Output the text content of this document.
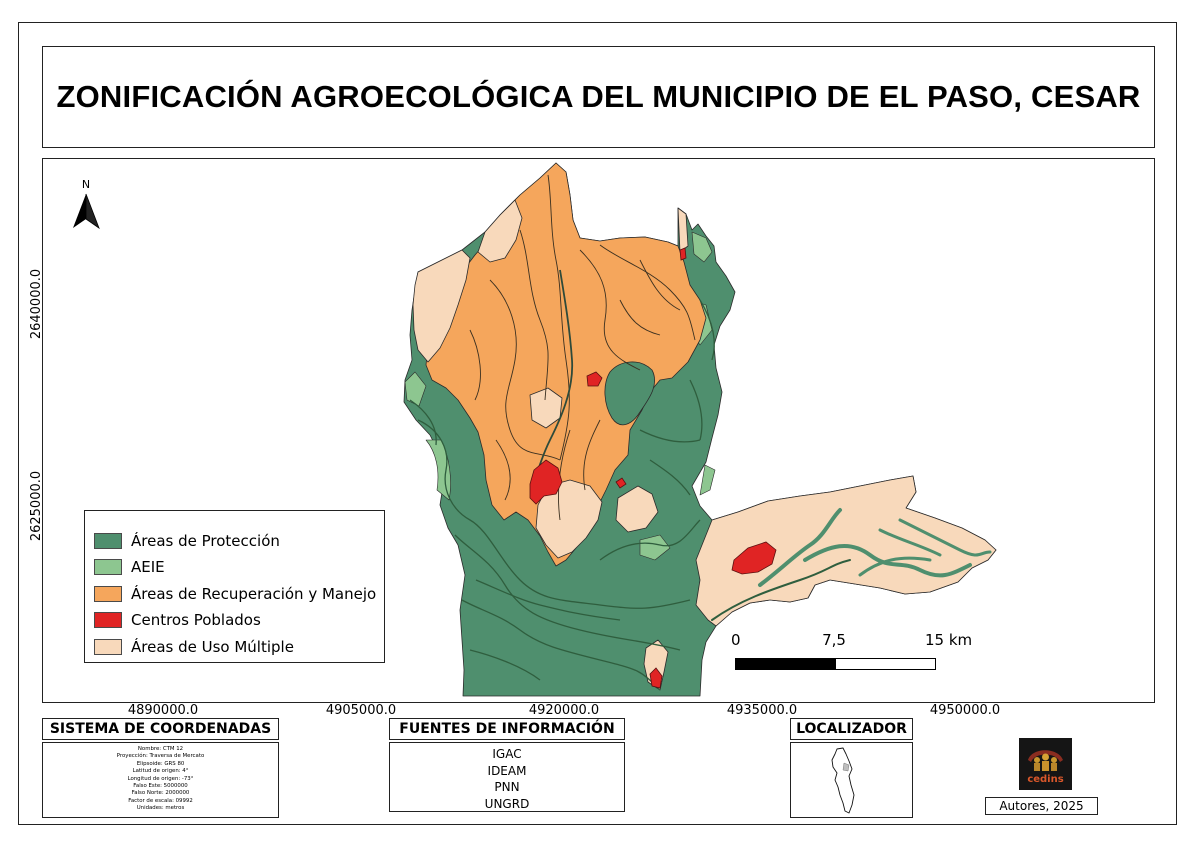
ZONIFICACIÓN AGROECOLÓGICA DEL MUNICIPIO DE EL PASO, CESAR
N
Áreas de Protección
AEIE
Áreas de Recuperación y Manejo
Centros Poblados
Áreas de Uso Múltiple	0	7,5	15 km
2640000.0
2625000.0
4890000.0	4905000.0	4920000.0	4935000.0	4950000.0
SISTEMA DE COORDENADAS
Nombre: CTM 12
Proyección: Traversa de Mercato
Elipsoide: GRS 80
Latitud de origen: 4°
Longitud de origen: -73°
Falso Este: 5000000
Falso Norte: 2000000
Factor de escala: 09992
Unidades: metros
FUENTES DE INFORMACIÓN
IGAC
IDEAM
PNN
UNGRD
LOCALIZADOR
cedins
Autores, 2025
